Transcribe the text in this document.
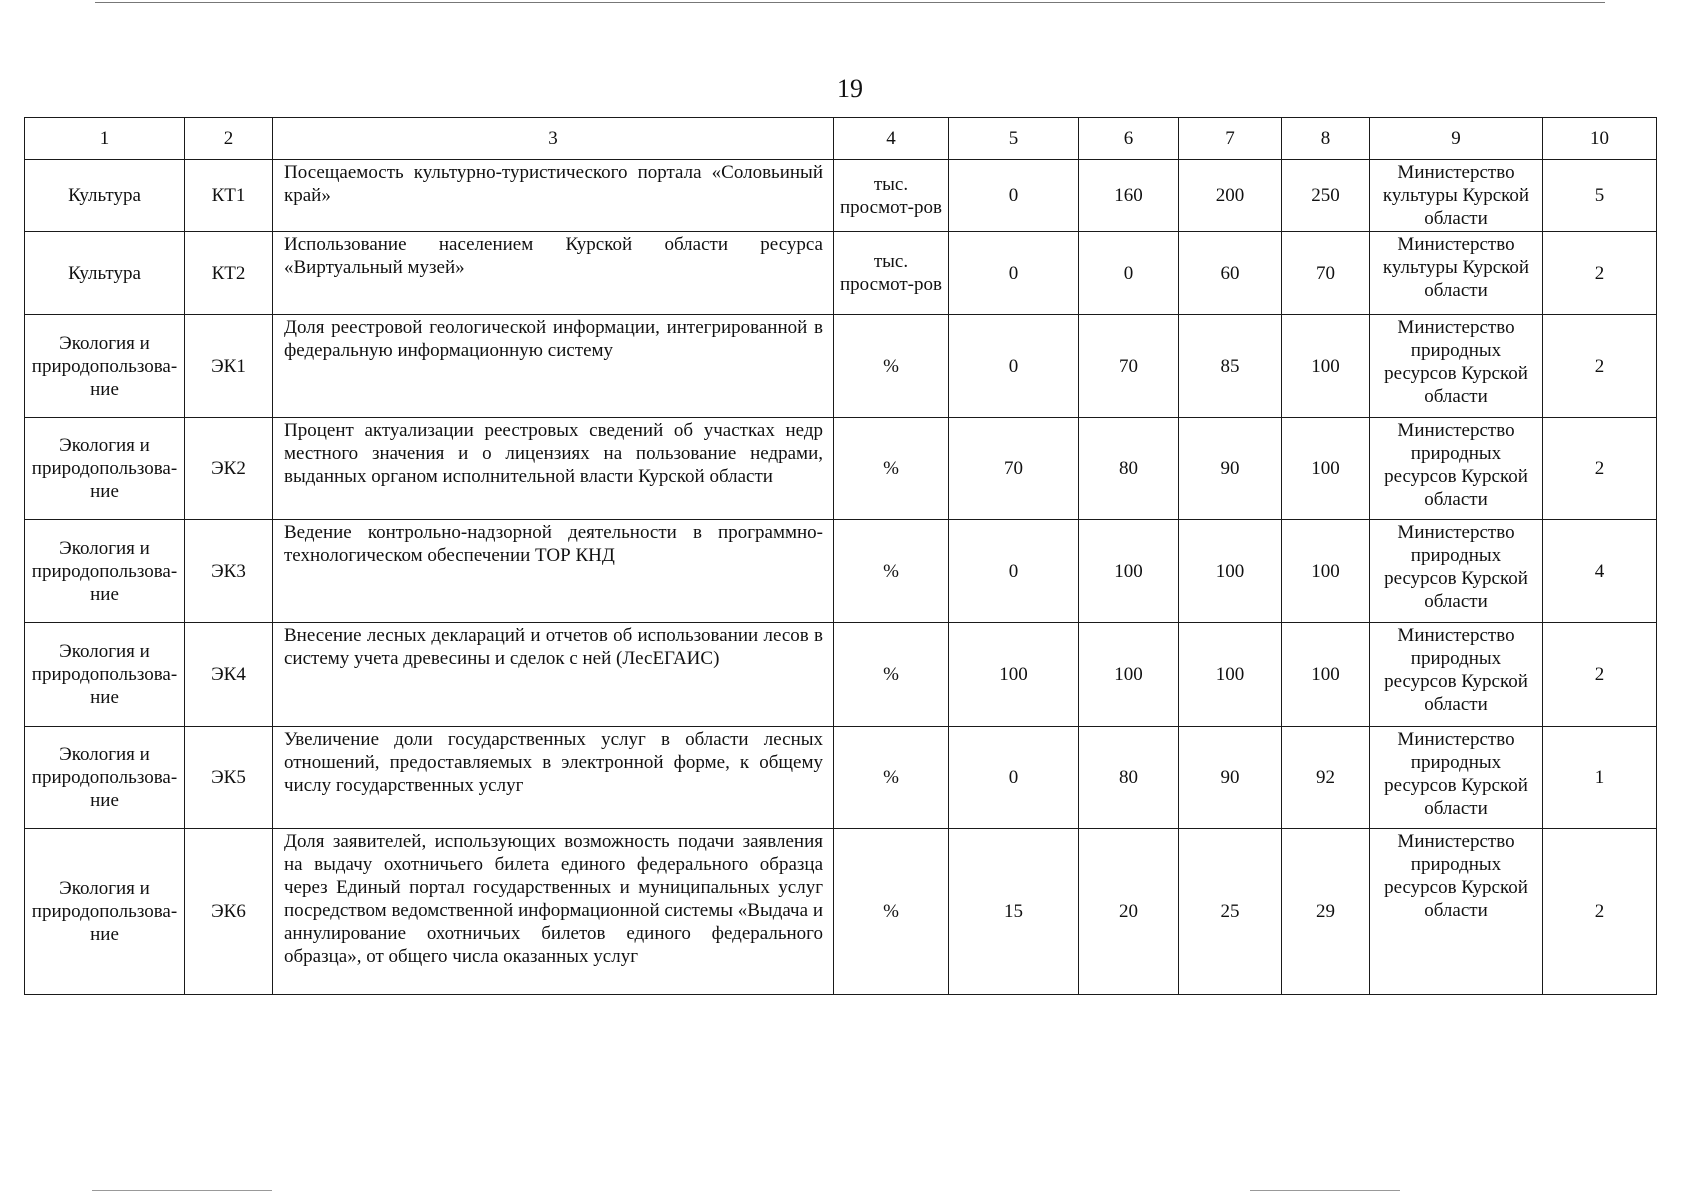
19
1	2	3	4	5	6	7	8	9	10
Культура	КТ1	Посещаемость культурно-туристического портала «Соловьиный край»	тыс. просмот-ров	0	160	200	250	Министерство культуры Курской области	5
Культура	КТ2	Использование населением Курской области ресурса «Виртуальный музей»	тыс. просмот-ров	0	0	60	70	Министерство культуры Курской области	2
Экология и природопользова-ние	ЭК1	Доля реестровой геологической информации, интегрированной в федеральную информационную систему	%	0	70	85	100	Министерство природных ресурсов Курской области	2
Экология и природопользова-ние	ЭК2	Процент актуализации реестровых сведений об участках недр местного значения и о лицензиях на пользование недрами, выданных органом исполнительной власти Курской области	%	70	80	90	100	Министерство природных ресурсов Курской области	2
Экология и природопользова-ние	ЭК3	Ведение контрольно-надзорной деятельности в программно-технологическом обеспечении ТОР КНД	%	0	100	100	100	Министерство природных ресурсов Курской области	4
Экология и природопользова-ние	ЭК4	Внесение лесных деклараций и отчетов об использовании лесов в систему учета древесины и сделок с ней (ЛесЕГАИС)	%	100	100	100	100	Министерство природных ресурсов Курской области	2
Экология и природопользова-ние	ЭК5	Увеличение доли государственных услуг в области лесных отношений, предоставляемых в электронной форме, к общему числу государственных услуг	%	0	80	90	92	Министерство природных ресурсов Курской области	1
Экология и природопользова-ние	ЭК6	Доля заявителей, использующих возможность подачи заявления на выдачу охотничьего билета единого федерального образца через Единый портал государственных и муниципальных услуг посредством ведомственной информационной системы «Выдача и аннулирование охотничьих билетов единого федерального образца», от общего числа оказанных услуг	%	15	20	25	29	Министерство природных ресурсов Курской области	2
